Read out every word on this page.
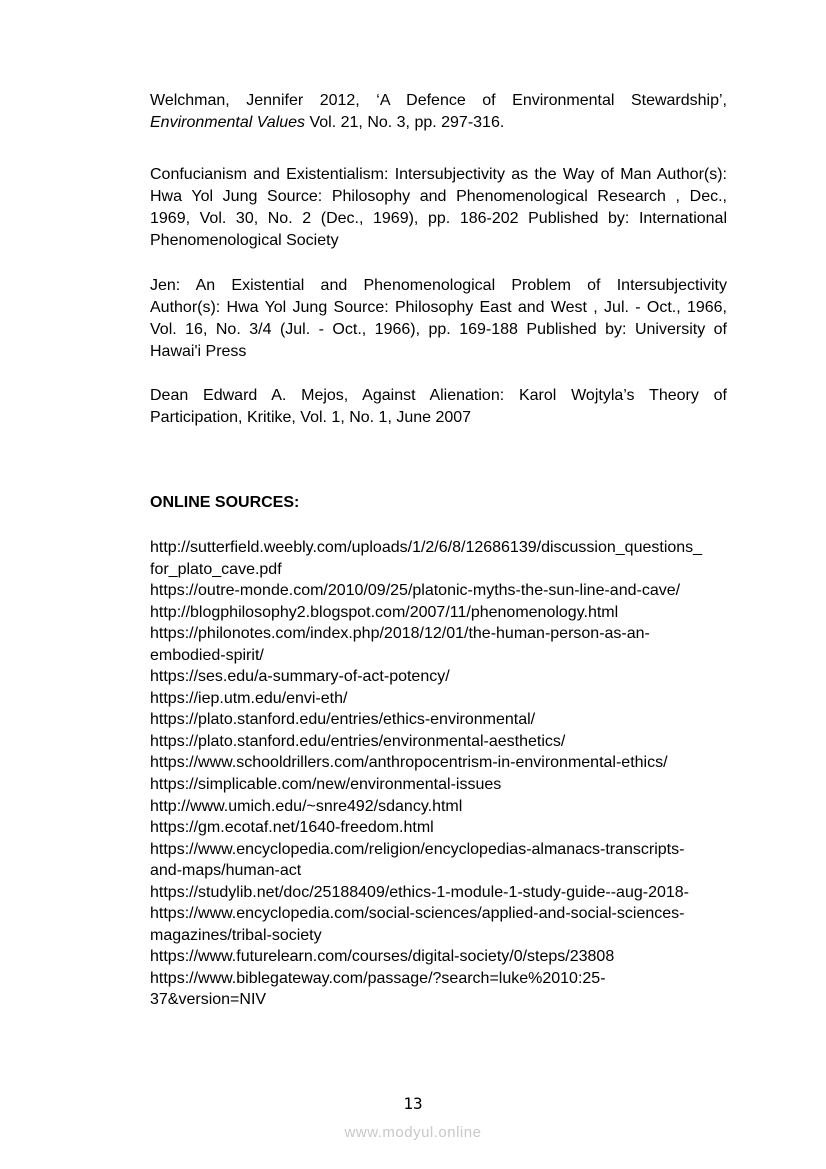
Welchman, Jennifer 2012, ‘A Defence of Environmental Stewardship’,
Environmental Values Vol. 21, No. 3, pp. 297-316.
Confucianism and Existentialism: Intersubjectivity as the Way of Man Author(s):
Hwa Yol Jung Source: Philosophy and Phenomenological Research , Dec.,
1969, Vol. 30, No. 2 (Dec., 1969), pp. 186-202 Published by: International
Phenomenological Society
Jen: An Existential and Phenomenological Problem of Intersubjectivity
Author(s): Hwa Yol Jung Source: Philosophy East and West , Jul. - Oct., 1966,
Vol. 16, No. 3/4 (Jul. - Oct., 1966), pp. 169-188 Published by: University of
Hawai'i Press
Dean Edward A. Mejos, Against Alienation: Karol Wojtyla’s Theory of
Participation, Kritike, Vol. 1, No. 1, June 2007
ONLINE SOURCES:
http://sutterfield.weebly.com/uploads/1/2/6/8/12686139/discussion_questions_
for_plato_cave.pdf
https://outre-monde.com/2010/09/25/platonic-myths-the-sun-line-and-cave/
http://blogphilosophy2.blogspot.com/2007/11/phenomenology.html
https://philonotes.com/index.php/2018/12/01/the-human-person-as-an-
embodied-spirit/
https://ses.edu/a-summary-of-act-potency/
https://iep.utm.edu/envi-eth/
https://plato.stanford.edu/entries/ethics-environmental/
https://plato.stanford.edu/entries/environmental-aesthetics/
https://www.schooldrillers.com/anthropocentrism-in-environmental-ethics/
https://simplicable.com/new/environmental-issues
http://www.umich.edu/~snre492/sdancy.html
https://gm.ecotaf.net/1640-freedom.html
https://www.encyclopedia.com/religion/encyclopedias-almanacs-transcripts-
and-maps/human-act
https://studylib.net/doc/25188409/ethics-1-module-1-study-guide--aug-2018-
https://www.encyclopedia.com/social-sciences/applied-and-social-sciences-
magazines/tribal-society
https://www.futurelearn.com/courses/digital-society/0/steps/23808
https://www.biblegateway.com/passage/?search=luke%2010:25-
37&version=NIV
13
www.modyul.online
